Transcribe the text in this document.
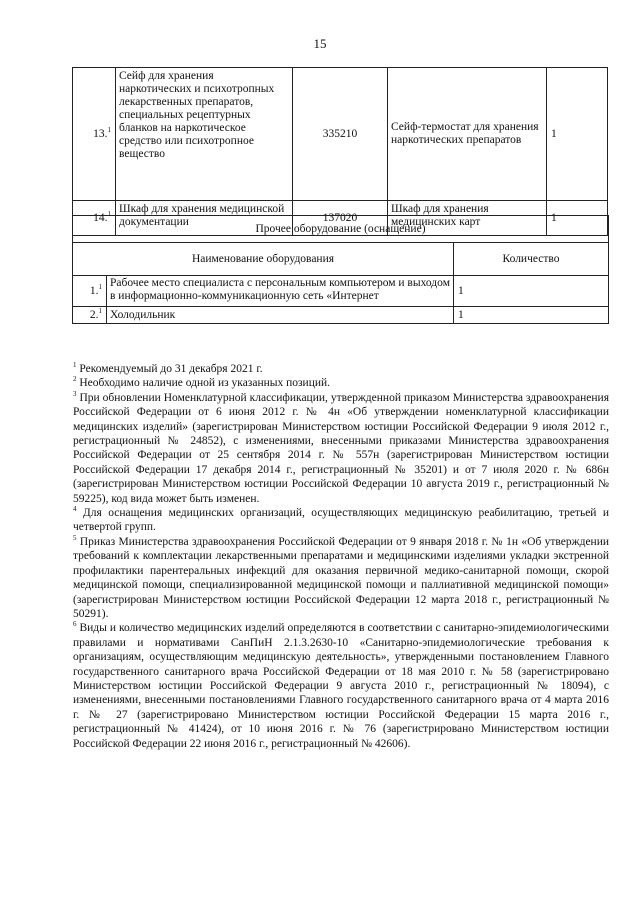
15
13.$^1$	Сейф для хранения наркотических и психотропных лекарственных препаратов, специальных рецептурных бланков на наркотическое средство или психотропное вещество	335210	Сейф-термостат для хранения наркотических препаратов	1
14.$^1$	Шкаф для хранения медицинской документации	137020	Шкаф для хранения медицинских карт	1
Прочее оборудование (оснащение)		
Наименование оборудования		Количество
1.$^1$	Рабочее место специалиста с персональным компьютером и выходом в информационно-коммуникационную сеть «Интернет	1
2.$^1$	Холодильник	1

$^1$ Рекомендуемый до 31 декабря 2021 г.

$^2$ Необходимо наличие одной из указанных позиций.

$^3$ При обновлении Номенклатурной классификации, утвержденной приказом Министерства здравоохранения Российской Федерации от 6 июня 2012 г. № 4н «Об утверждении номенклатурной классификации медицинских изделий» (зарегистрирован Министерством юстиции Российской Федерации 9 июля 2012 г., регистрационный № 24852), с изменениями, внесенными приказами Министерства здравоохранения Российской Федерации от 25 сентября 2014 г. № 557н (зарегистрирован Министерством юстиции Российской Федерации 17 декабря 2014 г., регистрационный № 35201) и от 7 июля 2020 г. № 686н (зарегистрирован Министерством юстиции Российской Федерации 10 августа 2019 г., регистрационный № 59225), код вида может быть изменен.

$^4$ Для оснащения медицинских организаций, осуществляющих медицинскую реабилитацию, третьей и четвертой групп.

$^5$ Приказ Министерства здравоохранения Российской Федерации от 9 января 2018 г. № 1н «Об утверждении требований к комплектации лекарственными препаратами и медицинскими изделиями укладки экстренной профилактики парентеральных инфекций для оказания первичной медико-санитарной помощи, скорой медицинской помощи, специализированной медицинской помощи и паллиативной медицинской помощи» (зарегистрирован Министерством юстиции Российской Федерации 12 марта 2018 г., регистрационный № 50291).

$^6$ Виды и количество медицинских изделий определяются в соответствии с санитарно-эпидемиологическими правилами и нормативами СанПиН 2.1.3.2630-10 «Санитарно-эпидемиологические требования к организациям, осуществляющим медицинскую деятельность», утвержденными постановлением Главного государственного санитарного врача Российской Федерации от 18 мая 2010 г. № 58 (зарегистрировано Министерством юстиции Российской Федерации 9 августа 2010 г., регистрационный № 18094), с изменениями, внесенными постановлениями Главного государственного санитарного врача от 4 марта 2016 г. № 27 (зарегистрировано Министерством юстиции Российской Федерации 15 марта 2016 г., регистрационный № 41424), от 10 июня 2016 г. № 76 (зарегистрировано Министерством юстиции Российской Федерации 22 июня 2016 г., регистрационный № 42606).
